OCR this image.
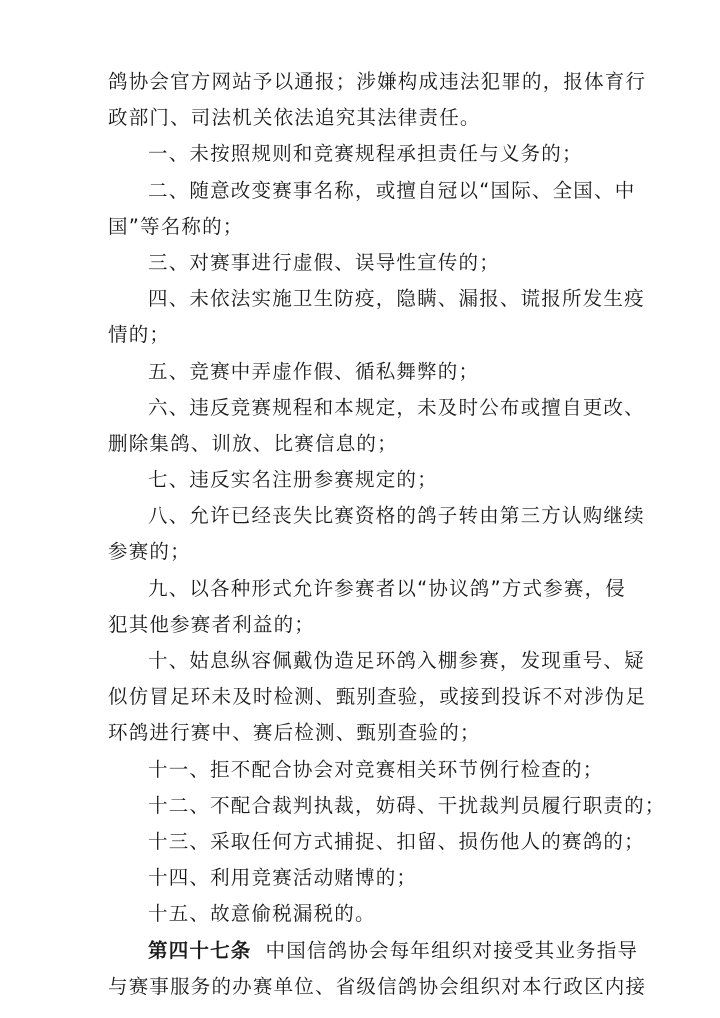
鸽协会官方网站予以通报；涉嫌构成违法犯罪的，报体育行
政部门、司法机关依法追究其法律责任。
一、未按照规则和竞赛规程承担责任与义务的；
二、随意改变赛事名称，或擅自冠以“国际、全国、中
国”等名称的；
三、对赛事进行虚假、误导性宣传的；
四、未依法实施卫生防疫，隐瞒、漏报、谎报所发生疫
情的；
五、竞赛中弄虚作假、循私舞弊的；
六、违反竞赛规程和本规定，未及时公布或擅自更改、
删除集鸽、训放、比赛信息的；
七、违反实名注册参赛规定的；
八、允许已经丧失比赛资格的鸽子转由第三方认购继续
参赛的；
九、以各种形式允许参赛者以“协议鸽”方式参赛，侵
犯其他参赛者利益的；
十、姑息纵容佩戴伪造足环鸽入棚参赛，发现重号、疑
似仿冒足环未及时检测、甄别查验，或接到投诉不对涉伪足
环鸽进行赛中、赛后检测、甄别查验的；
十一、拒不配合协会对竞赛相关环节例行检查的；
十二、不配合裁判执裁，妨碍、干扰裁判员履行职责的；
十三、采取任何方式捕捉、扣留、损伤他人的赛鸽的；
十四、利用竞赛活动赌博的；
十五、故意偷税漏税的。
第四十七条 中国信鸽协会每年组织对接受其业务指导
与赛事服务的办赛单位、省级信鸽协会组织对本行政区内接
